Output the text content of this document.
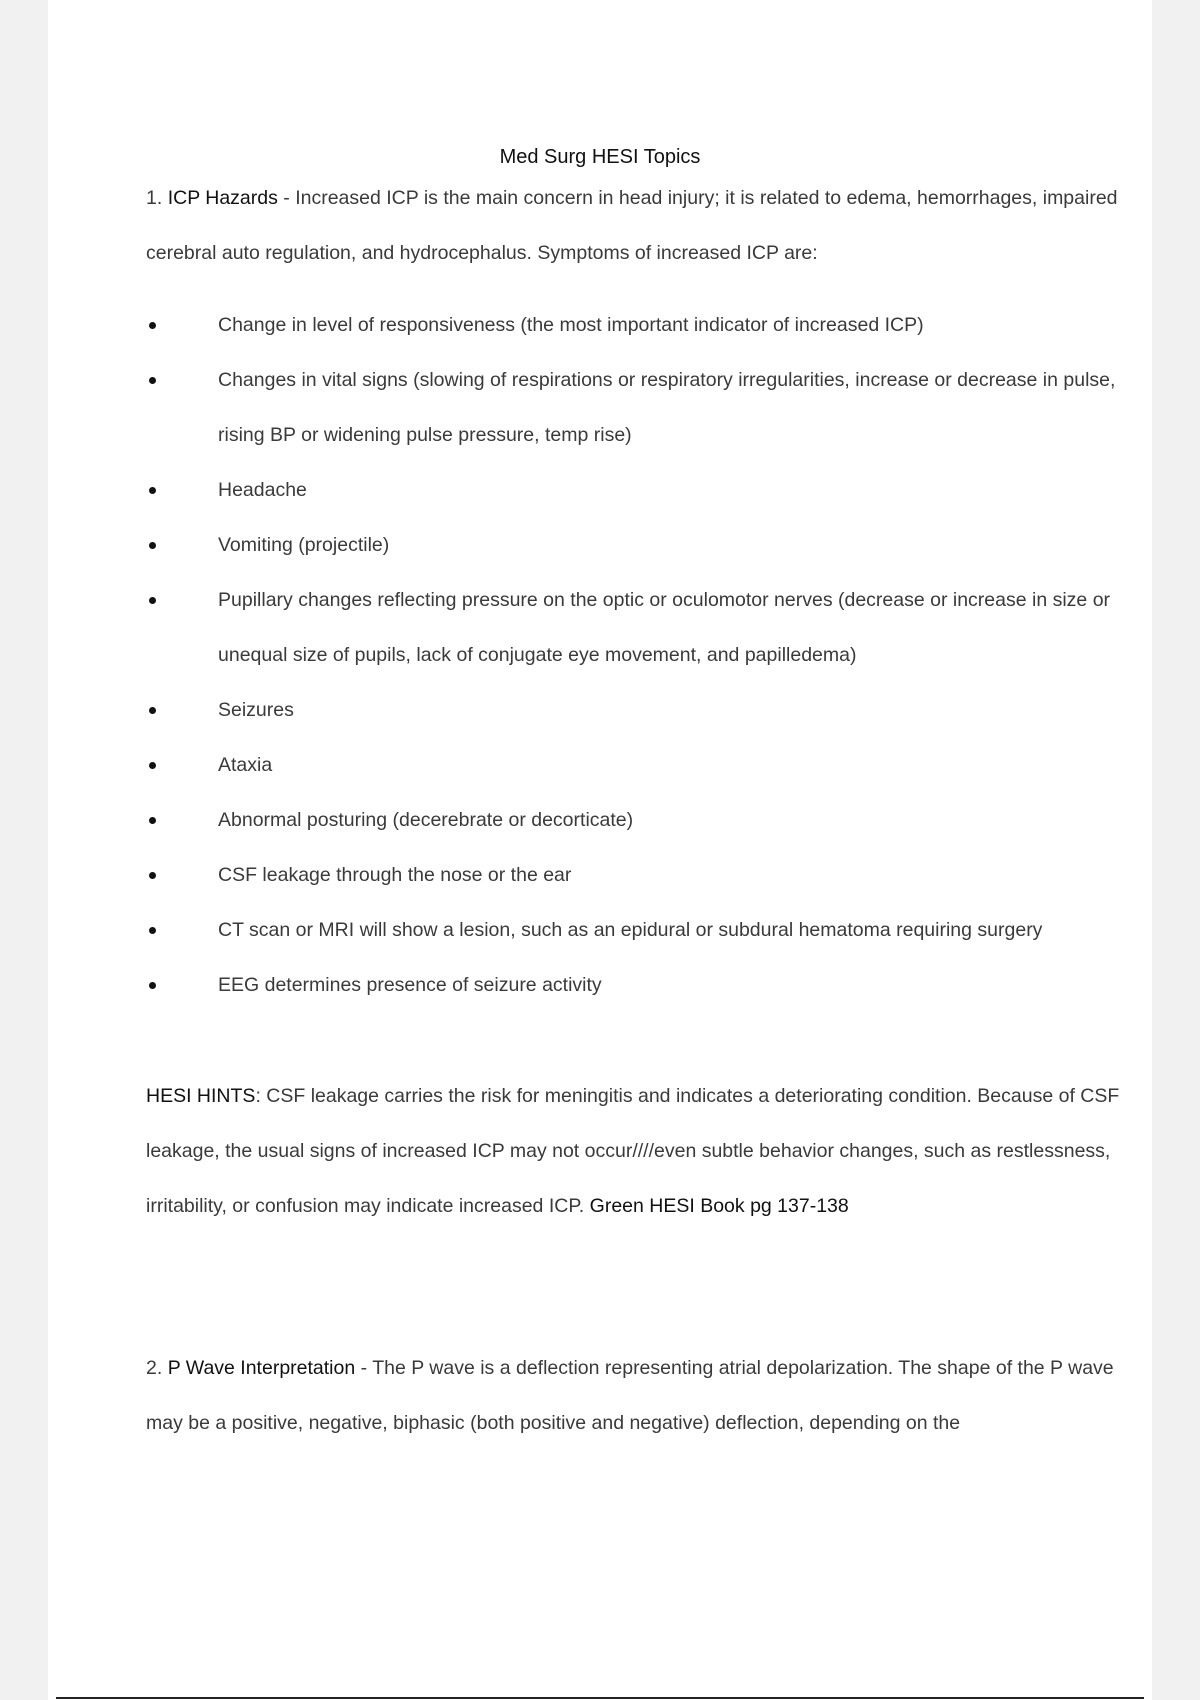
Med Surg HESI Topics

1. ICP Hazards - Increased ICP is the main concern in head injury; it is related to edema, hemorrhages, impaired cerebral auto regulation, and hydrocephalus. Symptoms of increased ICP are:

Change in level of responsiveness (the most important indicator of increased ICP)
Changes in vital signs (slowing of respirations or respiratory irregularities, increase or decrease in pulse, rising BP or widening pulse pressure, temp rise)
Headache
Vomiting (projectile)
Pupillary changes reflecting pressure on the optic or oculomotor nerves (decrease or increase in size or unequal size of pupils, lack of conjugate eye movement, and papilledema)
Seizures
Ataxia
Abnormal posturing (decerebrate or decorticate)
CSF leakage through the nose or the ear
CT scan or MRI will show a lesion, such as an epidural or subdural hematoma requiring surgery
EEG determines presence of seizure activity

HESI HINTS: CSF leakage carries the risk for meningitis and indicates a deteriorating condition. Because of CSF leakage, the usual signs of increased ICP may not occur////even subtle behavior changes, such as restlessness, irritability, or confusion may indicate increased ICP. Green HESI Book pg 137-138

2. P Wave Interpretation - The P wave is a deflection representing atrial depolarization. The shape of the P wave may be a positive, negative, biphasic (both positive and negative) deflection, depending on the
